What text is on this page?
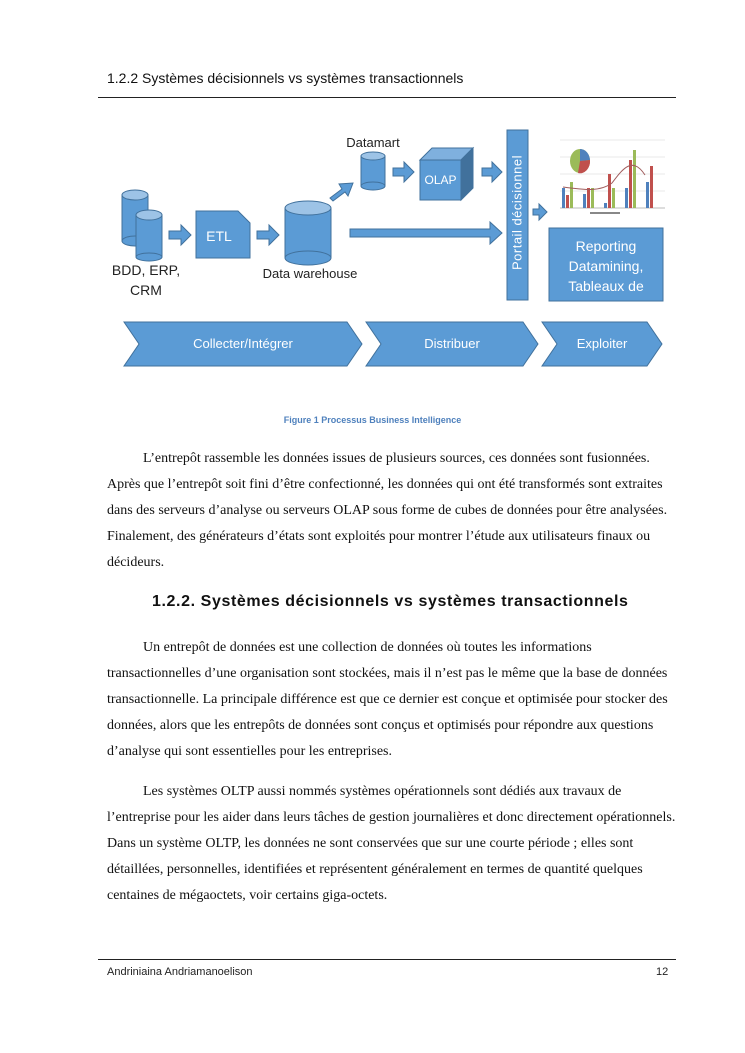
1.2.2 Systèmes décisionnels vs systèmes transactionnels
BDD, ERP,
CRM
ETL
Data warehouse
Datamart
OLAP	Portail décisionnel	Reporting
Datamining,
Tableaux de
Collecter/Intégrer	Distribuer	Exploiter
Figure 1 Processus Business Intelligence
L’entrepôt rassemble les données issues de plusieurs sources, ces données sont fusionnées. Après que l’entrepôt soit fini d’être confectionné, les données qui ont été transformés sont extraites dans des serveurs d’analyse ou serveurs OLAP sous forme de cubes de données pour être analysées. Finalement, des générateurs d’états sont exploités pour montrer l’étude aux utilisateurs finaux ou décideurs.
1.2.2. Systèmes décisionnels vs systèmes transactionnels
Un entrepôt de données est une collection de données où toutes les informations transactionnelles d’une organisation sont stockées, mais il n’est pas le même que la base de données transactionnelle. La principale différence est que ce dernier est conçue et optimisée pour stocker des données, alors que les entrepôts de données sont conçus et optimisés pour répondre aux questions d’analyse qui sont essentielles pour les entreprises.
Les systèmes OLTP aussi nommés systèmes opérationnels sont dédiés aux travaux de l’entreprise pour les aider dans leurs tâches de gestion journalières et donc directement opérationnels. Dans un système OLTP, les données ne sont conservées que sur une courte période ; elles sont détaillées, personnelles, identifiées et représentent généralement en termes de quantité quelques centaines de mégaoctets, voir certains giga-octets.
Andriniaina Andriamanoelison	12
